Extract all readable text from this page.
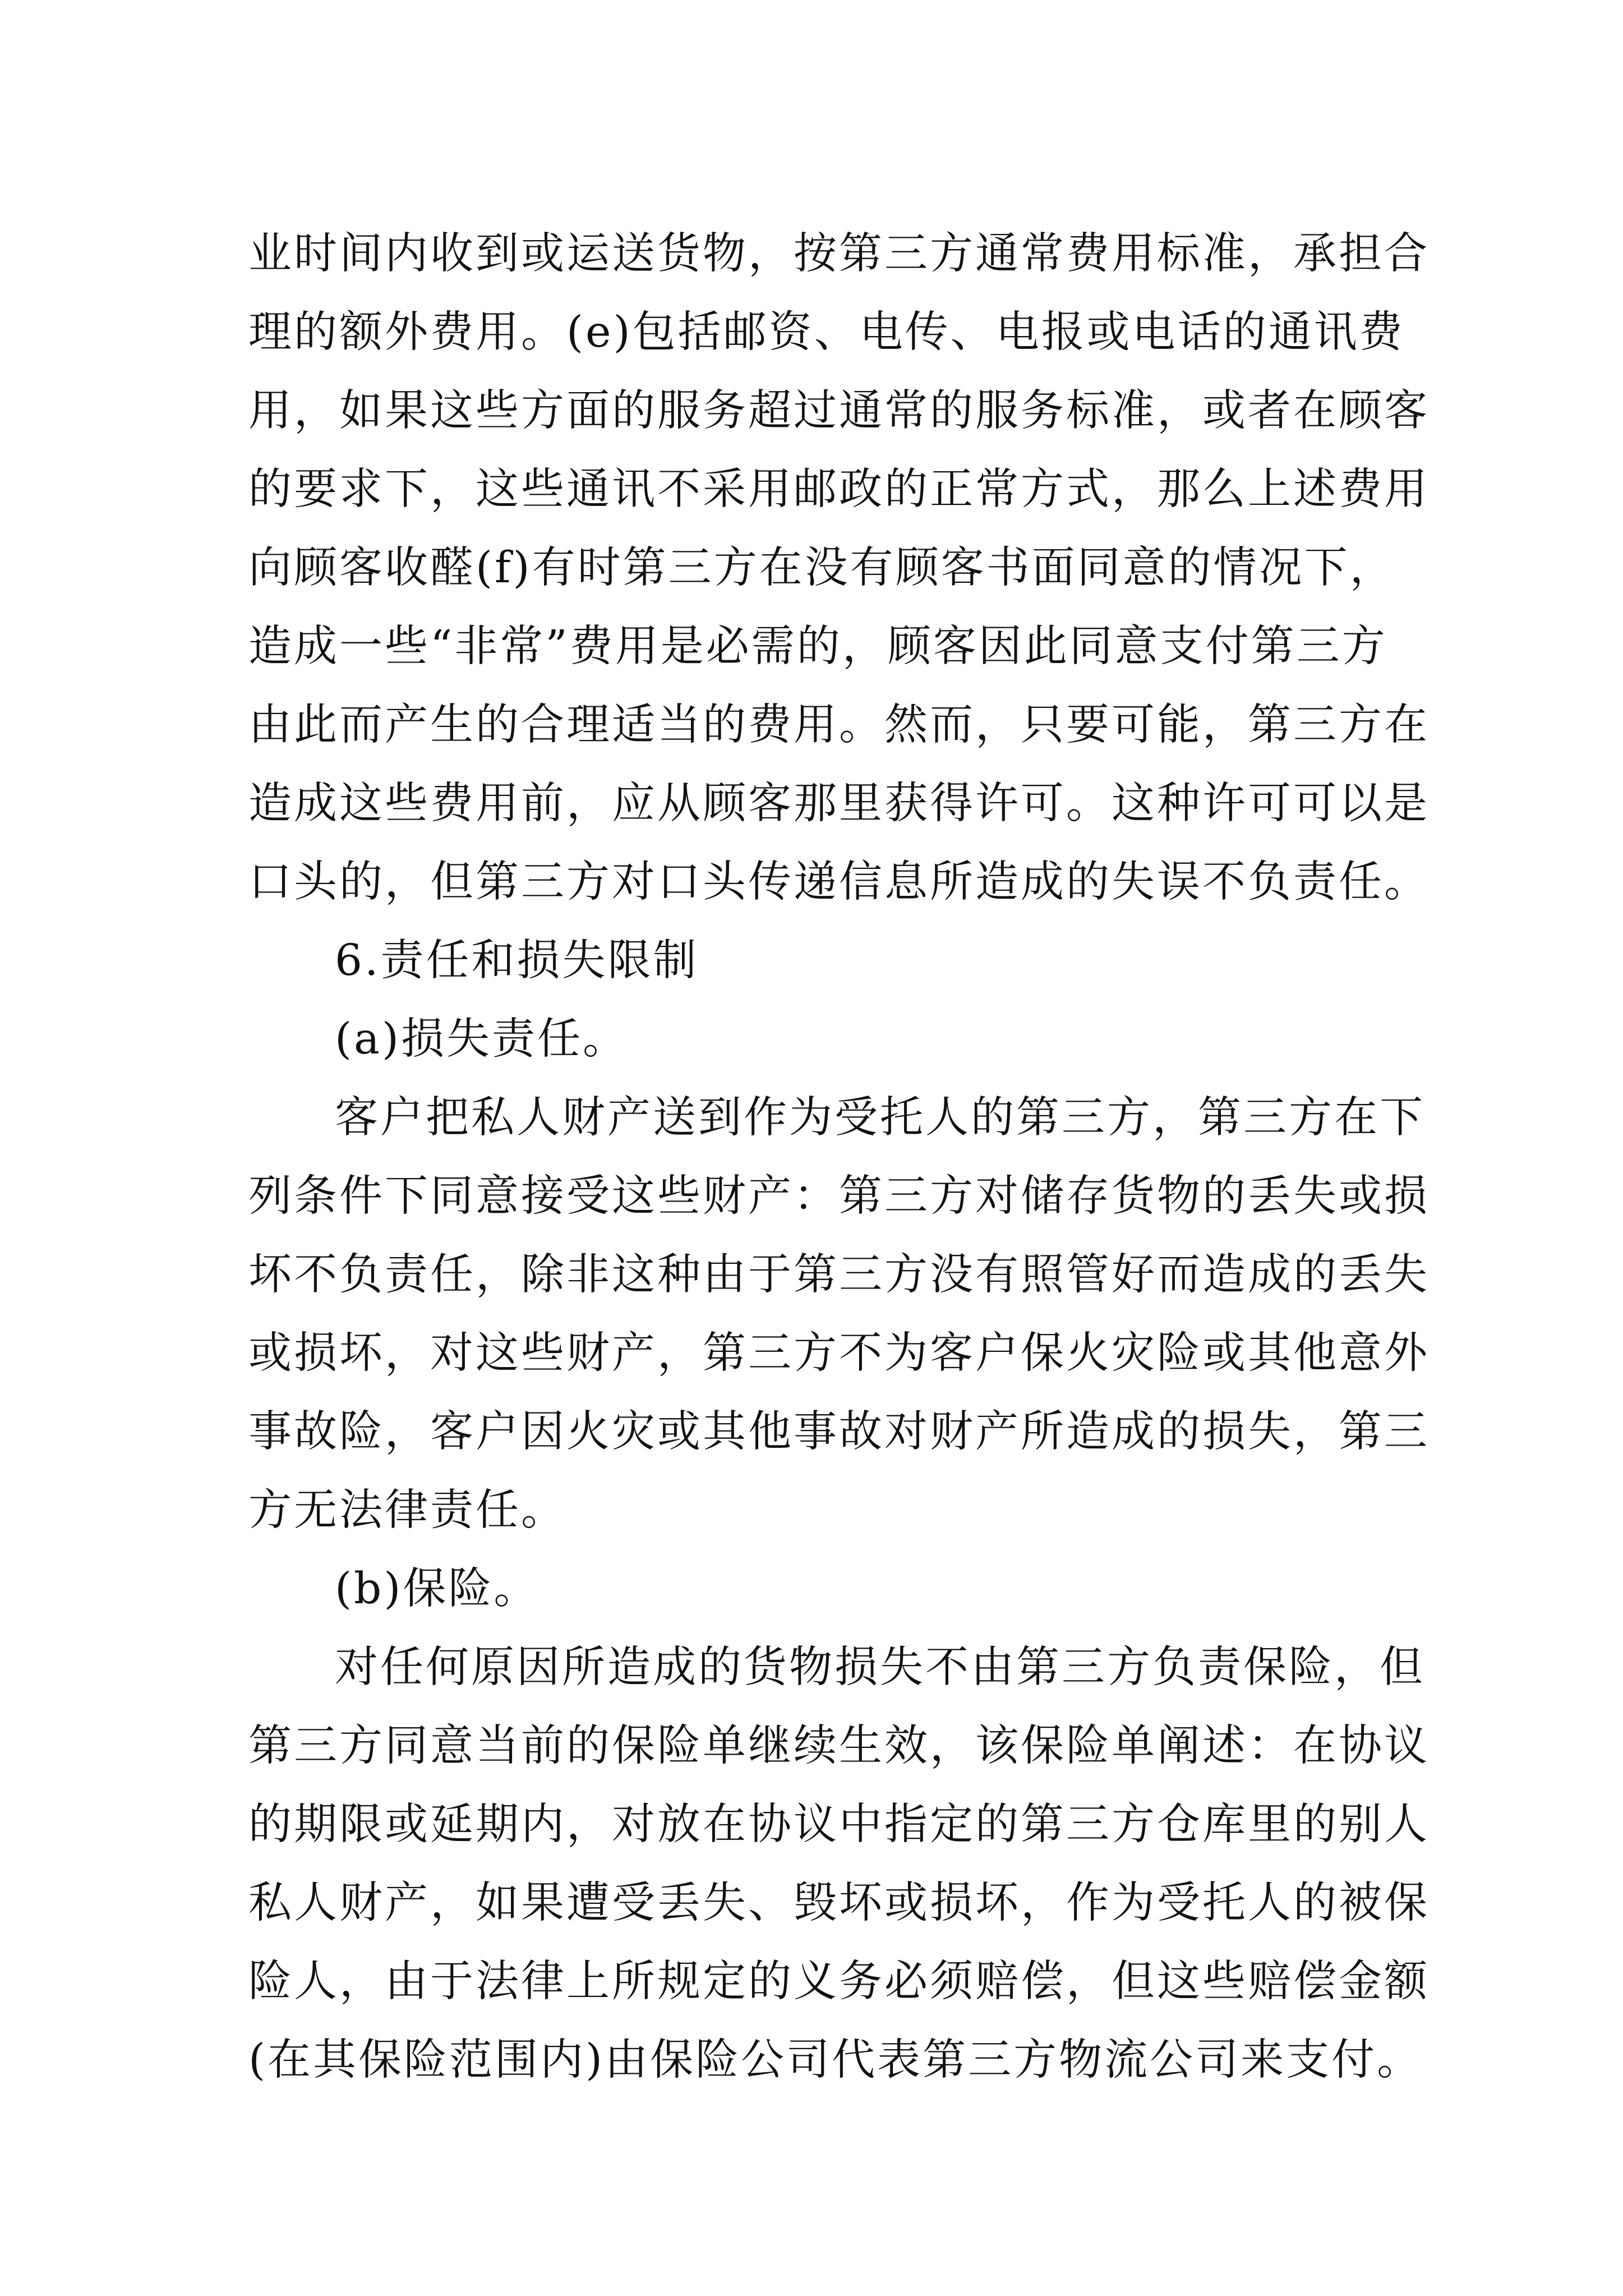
业时间内收到或运送货物，按第三方通常费用标准，承担合
理的额外费用。(e)包括邮资、电传、电报或电话的通讯费
用，如果这些方面的服务超过通常的服务标准，或者在顾客
的要求下，这些通讯不采用邮政的正常方式，那么上述费用
向顾客收醛(f)有时第三方在没有顾客书面同意的情况下，
造成一些“非常”费用是必需的，顾客因此同意支付第三方
由此而产生的合理适当的费用。然而，只要可能，第三方在
造成这些费用前，应从顾客那里获得许可。这种许可可以是
口头的，但第三方对口头传递信息所造成的失误不负责任。
6.责任和损失限制
(a)损失责任。
客户把私人财产送到作为受托人的第三方，第三方在下
列条件下同意接受这些财产：第三方对储存货物的丢失或损
坏不负责任，除非这种由于第三方没有照管好而造成的丢失
或损坏，对这些财产，第三方不为客户保火灾险或其他意外
事故险，客户因火灾或其他事故对财产所造成的损失，第三
方无法律责任。
(b)保险。
对任何原因所造成的货物损失不由第三方负责保险，但
第三方同意当前的保险单继续生效，该保险单阐述：在协议
的期限或延期内，对放在协议中指定的第三方仓库里的别人
私人财产，如果遭受丢失、毁坏或损坏，作为受托人的被保
险人，由于法律上所规定的义务必须赔偿，但这些赔偿金额
(在其保险范围内)由保险公司代表第三方物流公司来支付。
